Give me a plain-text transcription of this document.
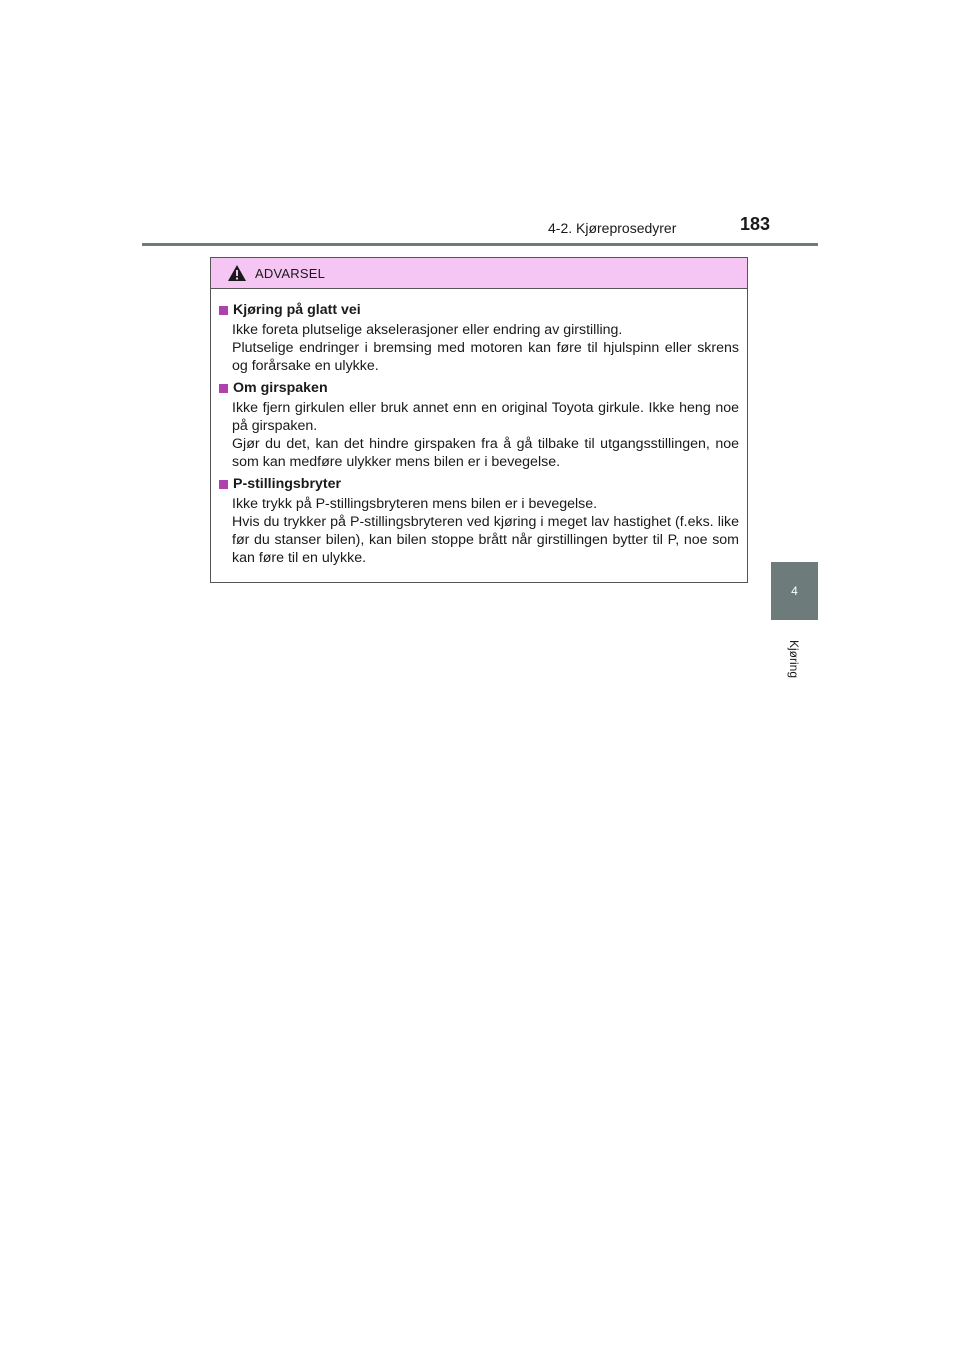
4-2. Kjøreprosedyrer	183
4
Kjøring
ADVARSEL
Kjøring på glatt vei

Ikke foreta plutselige akselerasjoner eller endring av girstilling.

Plutselige endringer i bremsing med motoren kan føre til hjulspinn eller skrens og forårsake en ulykke.

Om girspaken

Ikke fjern girkulen eller bruk annet enn en original Toyota girkule. Ikke heng noe på girspaken.

Gjør du det, kan det hindre girspaken fra å gå tilbake til utgangsstillingen, noe som kan medføre ulykker mens bilen er i bevegelse.

P-stillingsbryter

Ikke trykk på P-stillingsbryteren mens bilen er i bevegelse.

Hvis du trykker på P-stillingsbryteren ved kjøring i meget lav hastighet (f.eks. like før du stanser bilen), kan bilen stoppe brått når girstillingen bytter til P, noe som kan føre til en ulykke.
